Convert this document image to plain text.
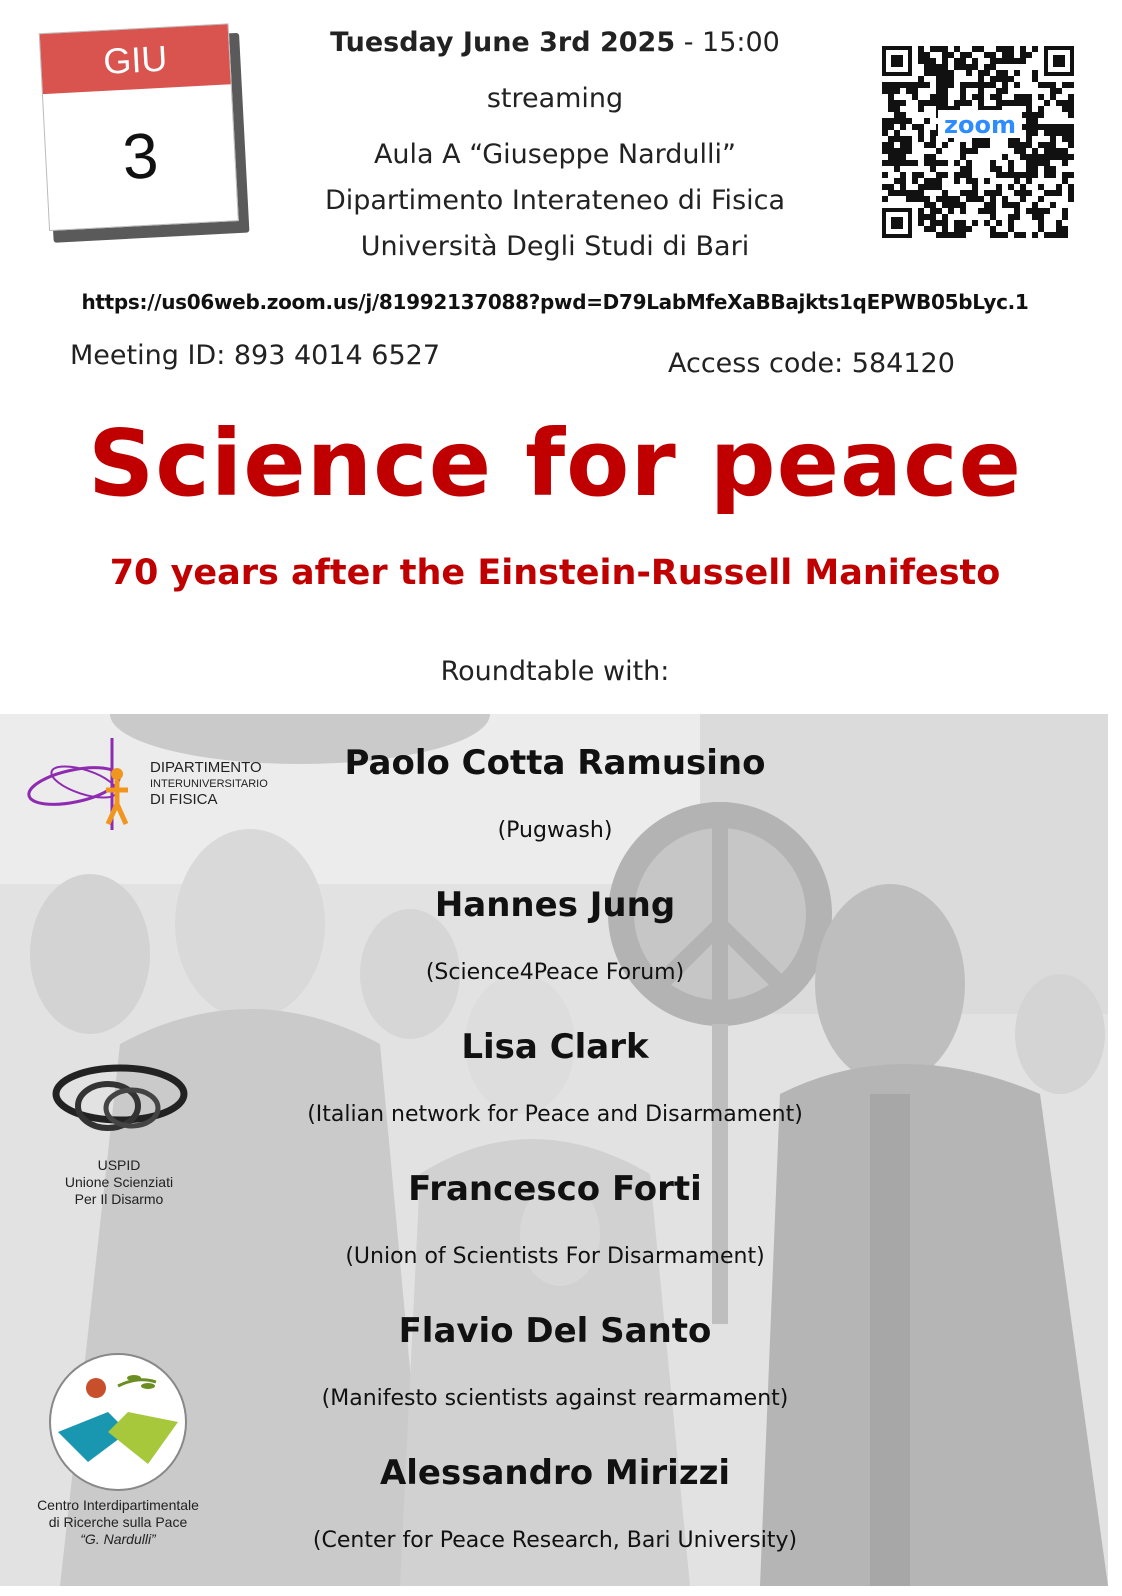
GIU
3
Tuesday June 3rd 2025 - 15:00
streaming
Aula A “Giuseppe Nardulli”
Dipartimento Interateneo di Fisica
Università Degli Studi di Bari
zoom
https://us06web.zoom.us/j/81992137088?pwd=D79LabMfeXaBBajkts1qEPWB05bLyc.1
Meeting ID: 893 4014 6527	Access code: 584120
Science for peace
70 years after the Einstein-Russell Manifesto
Roundtable with:
DIPARTIMENTO
INTERUNIVERSITARIO
DI FISICA
USPID
Unione Scienziati
Per Il Disarmo
Centro Interdipartimentale
di Ricerche sulla Pace
“G. Nardulli”
Paolo Cotta Ramusino
(Pugwash)
Hannes Jung
(Science4Peace Forum)
Lisa Clark
(Italian network for Peace and Disarmament)
Francesco Forti
(Union of Scientists For Disarmament)
Flavio Del Santo
(Manifesto scientists against rearmament)
Alessandro Mirizzi
(Center for Peace Research, Bari University)
